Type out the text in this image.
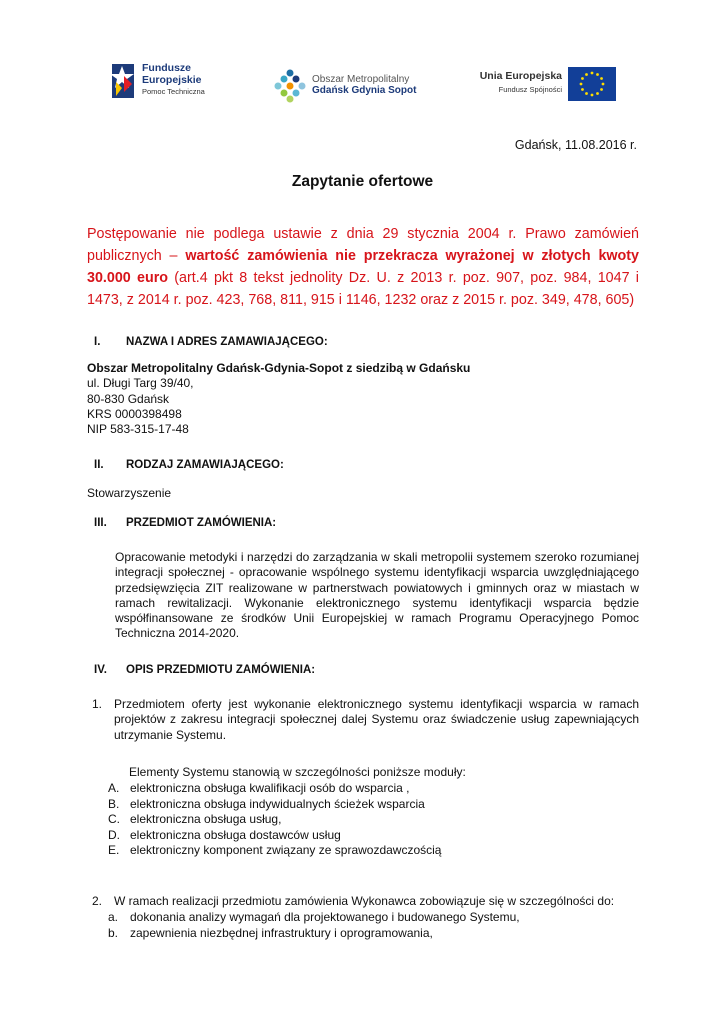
Fundusze
Europejskie
Pomoc Techniczna
Obszar Metropolitalny
Gdańsk Gdynia Sopot
Unia Europejska
Fundusz Spójności
Gdańsk, 11.08.2016 r.
Zapytanie ofertowe
Postępowanie nie podlega ustawie z dnia 29 stycznia 2004 r. Prawo zamówień publicznych – wartość zamówienia nie przekracza wyrażonej w złotych kwoty 30.000 euro (art.4 pkt 8 tekst jednolity Dz. U. z 2013 r. poz. 907, poz. 984, 1047 i 1473, z 2014 r. poz. 423, 768, 811, 915 i 1146, 1232 oraz z 2015 r. poz. 349, 478, 605)
I. NAZWA I ADRES ZAMAWIAJĄCEGO:
Obszar Metropolitalny Gdańsk-Gdynia-Sopot z siedzibą w Gdańsku
ul. Długi Targ 39/40,
80-830 Gdańsk
KRS 0000398498
NIP 583-315-17-48
II. RODZAJ ZAMAWIAJĄCEGO:
Stowarzyszenie
III. PRZEDMIOT ZAMÓWIENIA:
Opracowanie metodyki i narzędzi do zarządzania w skali metropolii systemem szeroko rozumianej integracji społecznej - opracowanie wspólnego systemu identyfikacji wsparcia uwzględniającego przedsięwzięcia ZIT realizowane w partnerstwach powiatowych i gminnych oraz w miastach w ramach rewitalizacji. Wykonanie elektronicznego systemu identyfikacji wsparcia będzie współfinansowane ze środków Unii Europejskiej w ramach Programu Operacyjnego Pomoc Techniczna 2014-2020.
IV. OPIS PRZEDMIOTU ZAMÓWIENIA:
1. Przedmiotem oferty jest wykonanie elektronicznego systemu identyfikacji wsparcia w ramach projektów z zakresu integracji społecznej dalej Systemu oraz świadczenie usług zapewniających utrzymanie Systemu.
Elementy Systemu stanowią w szczególności poniższe moduły:
A. elektroniczna obsługa kwalifikacji osób do wsparcia ,
B. elektroniczna obsługa indywidualnych ścieżek wsparcia
C. elektroniczna obsługa usług,
D. elektroniczna obsługa dostawców usług
E. elektroniczny komponent związany ze sprawozdawczością
2. W ramach realizacji przedmiotu zamówienia Wykonawca zobowiązuje się w szczególności do:
a. dokonania analizy wymagań dla projektowanego i budowanego Systemu,
b. zapewnienia niezbędnej infrastruktury i oprogramowania,
